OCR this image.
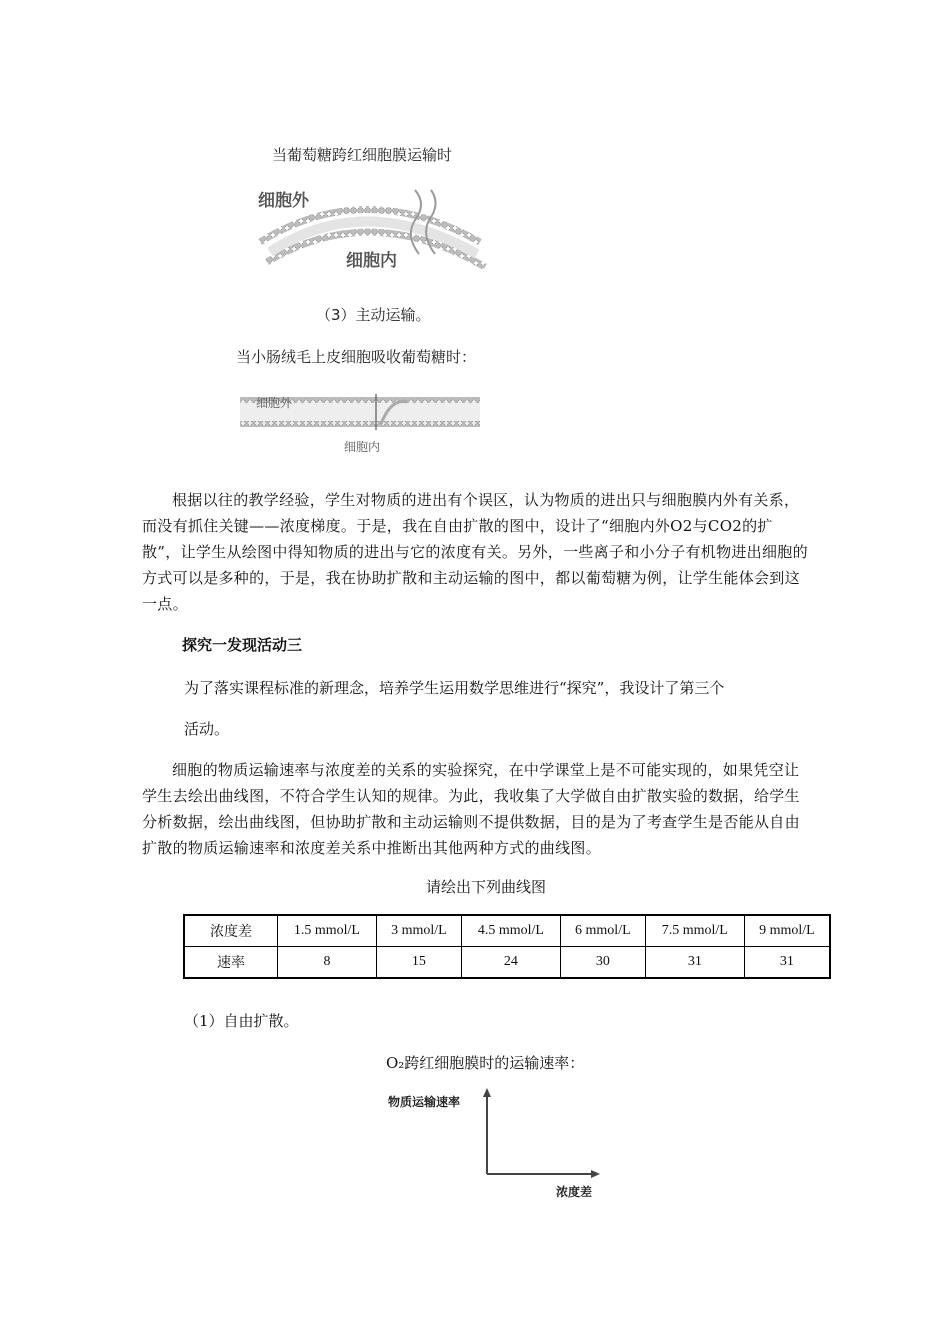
当葡萄糖跨红细胞膜运输时
细胞外
细胞内
（3）主动运输。
当小肠绒毛上皮细胞吸收葡萄糖时：
细胞外
细胞内
根据以往的教学经验，学生对物质的进出有个误区，认为物质的进出只与细胞膜内外有关系，而没有抓住关键——浓度梯度。于是，我在自由扩散的图中，设计了“细胞内外O2与CO2的扩散”，让学生从绘图中得知物质的进出与它的浓度有关。另外，一些离子和小分子有机物进出细胞的方式可以是多种的，于是，我在协助扩散和主动运输的图中，都以葡萄糖为例，让学生能体会到这一点。
探究一发现活动三
为了落实课程标准的新理念，培养学生运用数学思维进行“探究”，我设计了第三个
活动。
细胞的物质运输速率与浓度差的关系的实验探究，在中学课堂上是不可能实现的，如果凭空让学生去绘出曲线图，不符合学生认知的规律。为此，我收集了大学做自由扩散实验的数据，给学生分析数据，绘出曲线图，但协助扩散和主动运输则不提供数据，目的是为了考查学生是否能从自由扩散的物质运输速率和浓度差关系中推断出其他两种方式的曲线图。
请绘出下列曲线图
浓度差	1.5 mmol/L	3 mmol/L	4.5 mmol/L	6 mmol/L	7.5 mmol/L	9 mmol/L
速率	8	15	24	30	31	31
（1）自由扩散。
O₂跨红细胞膜时的运输速率：
物质运输速率
浓度差
